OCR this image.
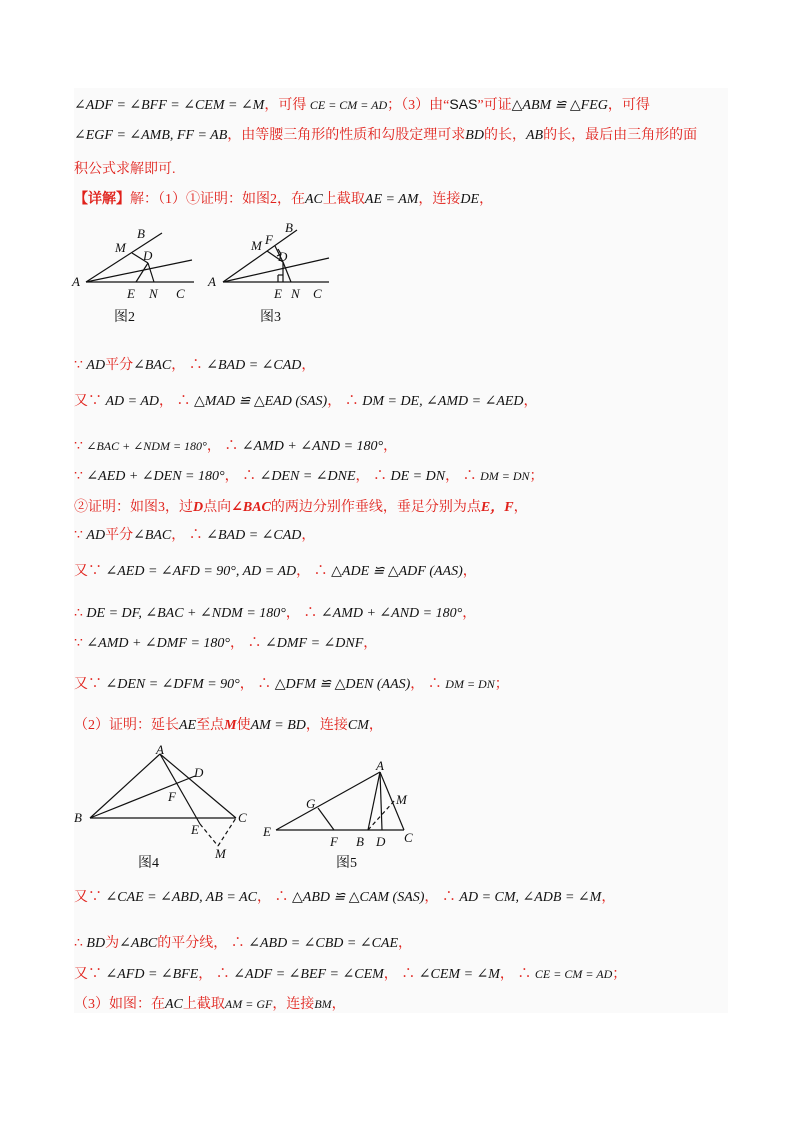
∠ADF = ∠BFF = ∠CEM = ∠M，可得 CE = CM = AD；（3）由“SAS”可证△ABM ≌ △FEG，可得
∠EGF = ∠AMB, FF = AB，由等腰三角形的性质和勾股定理可求BD的长，AB的长，最后由三角形的面
积公式求解即可.
【详解】解：（1）①证明：如图2，在AC上截取AE = AM，连接DE，
A
B
M
D
E N C
图2
A
B
M F
D
E N C
图3
∵ AD平分∠BAC， ∴ ∠BAD = ∠CAD，
又∵ AD = AD， ∴ △MAD ≌ △EAD (SAS)， ∴ DM = DE, ∠AMD = ∠AED，
∵ ∠BAC + ∠NDM = 180°， ∴ ∠AMD + ∠AND = 180°，
∵ ∠AED + ∠DEN = 180°， ∴ ∠DEN = ∠DNE， ∴ DE = DN， ∴ DM = DN；
②证明：如图3，过D点向∠BAC的两边分别作垂线，垂足分别为点E，F，
∵ AD平分∠BAC， ∴ ∠BAD = ∠CAD，
又∵ ∠AED = ∠AFD = 90°, AD = AD， ∴ △ADE ≌ △ADF (AAS)，
∴ DE = DF, ∠BAC + ∠NDM = 180°， ∴ ∠AMD + ∠AND = 180°，
∵ ∠AMD + ∠DMF = 180°， ∴ ∠DMF = ∠DNF，
又∵ ∠DEN = ∠DFM = 90°， ∴ △DFM ≌ △DEN (AAS)， ∴ DM = DN；
（2）证明：延长AE至点M使AM = BD，连接CM，
A
B	C
D
F
E
M
图4
A
M
G
E
F B D C
图5
又∵ ∠CAE = ∠ABD, AB = AC， ∴ △ABD ≌ △CAM (SAS)， ∴ AD = CM, ∠ADB = ∠M，
∴ BD为∠ABC的平分线， ∴ ∠ABD = ∠CBD = ∠CAE，
又∵ ∠AFD = ∠BFE， ∴ ∠ADF = ∠BEF = ∠CEM， ∴ ∠CEM = ∠M， ∴ CE = CM = AD；
（3）如图：在AC上截取AM = GF，连接BM，
